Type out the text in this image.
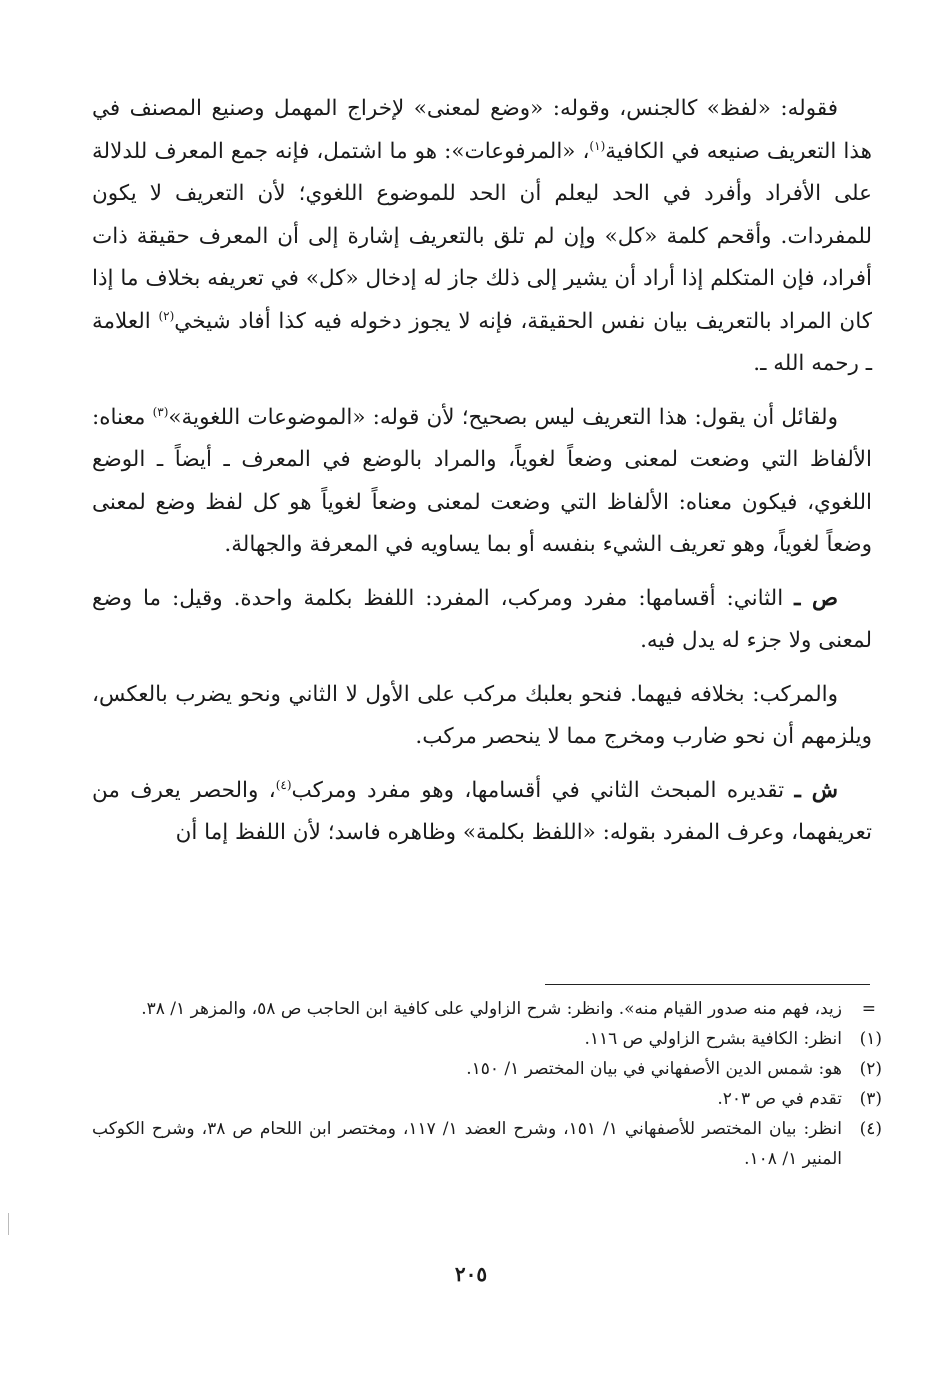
فقوله: «لفظ» كالجنس، وقوله: «وضع لمعنى» لإخراج المهمل وصنيع المصنف في هذا التعريف صنيعه في الكافية$^{(١)}$، «المرفوعات»: هو ما اشتمل، فإنه جمع المعرف للدلالة على الأفراد وأفرد في الحد ليعلم أن الحد للموضوع اللغوي؛ لأن التعريف لا يكون للمفردات. وأقحم كلمة «كل» وإن لم تلق بالتعريف إشارة إلى أن المعرف حقيقة ذات أفراد، فإن المتكلم إذا أراد أن يشير إلى ذلك جاز له إدخال «كل» في تعريفه بخلاف ما إذا كان المراد بالتعريف بيان نفس الحقيقة، فإنه لا يجوز دخوله فيه كذا أفاد شيخي$^{(٢)}$ العلامة ـ رحمه الله ـ.

ولقائل أن يقول: هذا التعريف ليس بصحيح؛ لأن قوله: «الموضوعات اللغوية»$^{(٣)}$ معناه: الألفاظ التي وضعت لمعنى وضعاً لغوياً، والمراد بالوضع في المعرف ـ أيضاً ـ الوضع اللغوي، فيكون معناه: الألفاظ التي وضعت لمعنى وضعاً لغوياً هو كل لفظ وضع لمعنى وضعاً لغوياً، وهو تعريف الشيء بنفسه أو بما يساويه في المعرفة والجهالة.

ص ـ الثاني: أقسامها: مفرد ومركب، المفرد: اللفظ بكلمة واحدة. وقيل: ما وضع لمعنى ولا جزء له يدل فيه.

والمركب: بخلافه فيهما. فنحو بعلبك مركب على الأول لا الثاني ونحو يضرب بالعكس، ويلزمهم أن نحو ضارب ومخرج مما لا ينحصر مركب.

ش ـ تقديره المبحث الثاني في أقسامها، وهو مفرد ومركب$^{(٤)}$، والحصر يعرف من تعريفهما، وعرف المفرد بقوله: «اللفظ بكلمة» وظاهره فاسد؛ لأن اللفظ إما أن

=
زيد، فهم منه صدور القيام منه». وانظر: شرح الزاولي على كافية ابن الحاجب ص ٥٨، والمزهر ١/ ٣٨.

(١)
انظر: الكافية بشرح الزاولي ص ١١٦.

(٢)
هو: شمس الدين الأصفهاني في بيان المختصر ١/ ١٥٠.

(٣)
تقدم في ص ٢٠٣.

(٤)
انظر: بيان المختصر للأصفهاني ١/ ١٥١، وشرح العضد ١/ ١١٧، ومختصر ابن اللحام ص ٣٨، وشرح الكوكب المنير ١/ ١٠٨.

٢٠٥
